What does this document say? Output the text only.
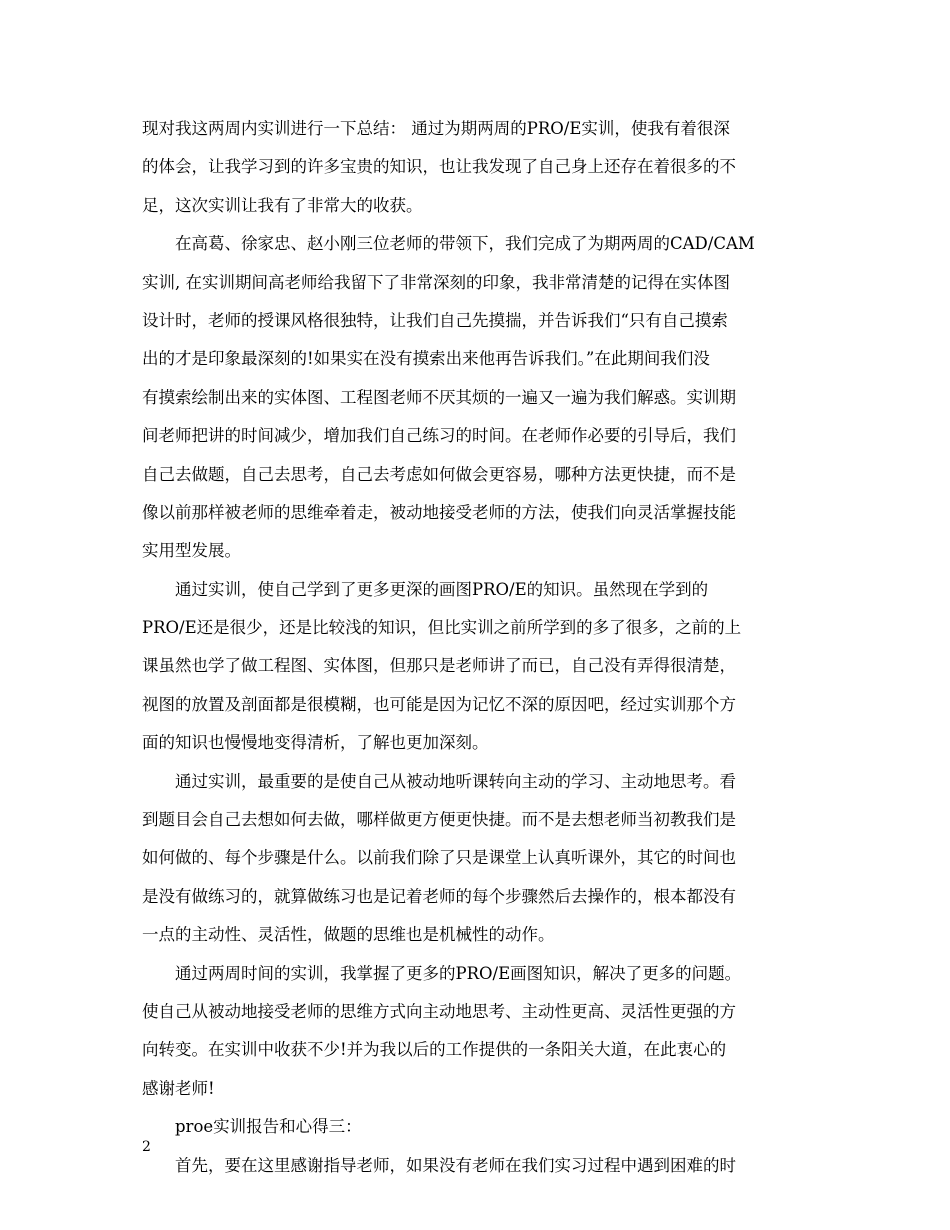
现对我这两周内实训进行一下总结： 通过为期两周的PRO/E实训，使我有着很深
的体会，让我学习到的许多宝贵的知识，也让我发现了自己身上还存在着很多的不
足，这次实训让我有了非常大的收获。
在高葛、徐家忠、赵小刚三位老师的带领下，我们完成了为期两周的CAD/CAM
实训, 在实训期间高老师给我留下了非常深刻的印象，我非常清楚的记得在实体图
设计时，老师的授课风格很独特，让我们自己先摸揣，并告诉我们“只有自己摸索
出的才是印象最深刻的!如果实在没有摸索出来他再告诉我们。”在此期间我们没
有摸索绘制出来的实体图、工程图老师不厌其烦的一遍又一遍为我们解惑。实训期
间老师把讲的时间减少，增加我们自己练习的时间。在老师作必要的引导后，我们
自己去做题，自己去思考，自己去考虑如何做会更容易，哪种方法更快捷，而不是
像以前那样被老师的思维牵着走，被动地接受老师的方法，使我们向灵活掌握技能
实用型发展。
通过实训，使自己学到了更多更深的画图PRO/E的知识。虽然现在学到的
PRO/E还是很少，还是比较浅的知识，但比实训之前所学到的多了很多，之前的上
课虽然也学了做工程图、实体图，但那只是老师讲了而已，自己没有弄得很清楚，
视图的放置及剖面都是很模糊，也可能是因为记忆不深的原因吧，经过实训那个方
面的知识也慢慢地变得清析，了解也更加深刻。
通过实训，最重要的是使自己从被动地听课转向主动的学习、主动地思考。看
到题目会自己去想如何去做，哪样做更方便更快捷。而不是去想老师当初教我们是
如何做的、每个步骤是什么。以前我们除了只是课堂上认真听课外，其它的时间也
是没有做练习的，就算做练习也是记着老师的每个步骤然后去操作的，根本都没有
一点的主动性、灵活性，做题的思维也是机械性的动作。
通过两周时间的实训，我掌握了更多的PRO/E画图知识，解决了更多的问题。
使自己从被动地接受老师的思维方式向主动地思考、主动性更高、灵活性更强的方
向转变。在实训中收获不少!并为我以后的工作提供的一条阳关大道，在此衷心的
感谢老师!
proe实训报告和心得三：
首先，要在这里感谢指导老师，如果没有老师在我们实习过程中遇到困难的时
2
